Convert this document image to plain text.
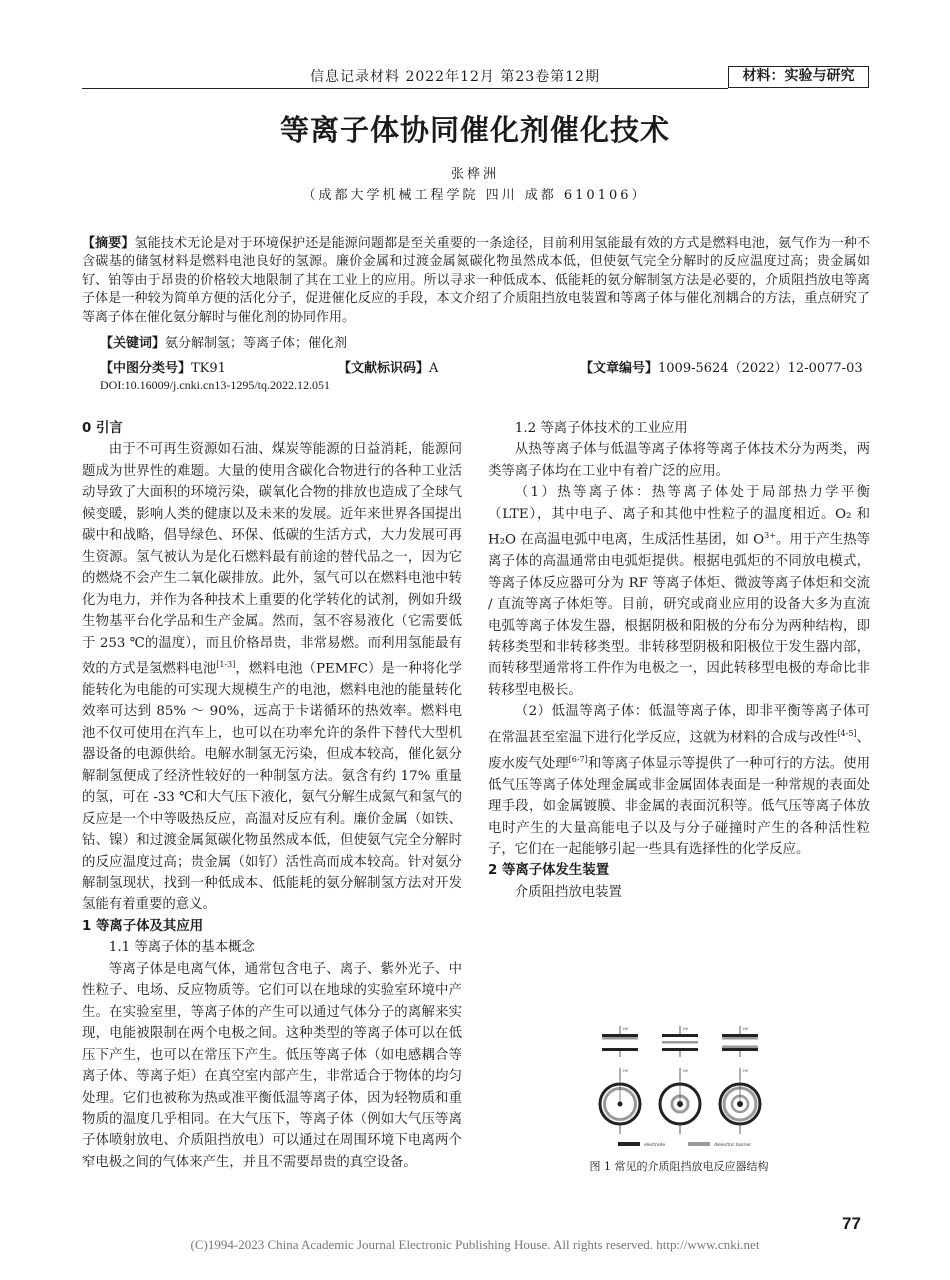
信息记录材料 2022年12月 第23卷第12期	材料：实验与研究
等离子体协同催化剂催化技术
张桦洲
（成都大学机械工程学院 四川 成都 610106）
【摘要】氢能技术无论是对于环境保护还是能源问题都是至关重要的一条途径，目前利用氢能最有效的方式是燃料电池，氨气作为一种不含碳基的储氢材料是燃料电池良好的氢源。廉价金属和过渡金属氮碳化物虽然成本低，但使氨气完全分解时的反应温度过高；贵金属如钌、铂等由于昂贵的价格较大地限制了其在工业上的应用。所以寻求一种低成本、低能耗的氨分解制氢方法是必要的，介质阻挡放电等离子体是一种较为简单方便的活化分子，促进催化反应的手段，本文介绍了介质阻挡放电装置和等离子体与催化剂耦合的方法，重点研究了等离子体在催化氨分解时与催化剂的协同作用。
【关键词】氨分解制氢；等离子体；催化剂
【中图分类号】TK91	【文献标识码】A	【文章编号】1009-5624（2022）12-0077-03
DOI:10.16009/j.cnki.cn13-1295/tq.2022.12.051
0 引言

由于不可再生资源如石油、煤炭等能源的日益消耗，能源问题成为世界性的难题。大量的使用含碳化合物进行的各种工业活动导致了大面积的环境污染，碳氧化合物的排放也造成了全球气候变暖，影响人类的健康以及未来的发展。近年来世界各国提出碳中和战略，倡导绿色、环保、低碳的生活方式，大力发展可再生资源。氢气被认为是化石燃料最有前途的替代品之一，因为它的燃烧不会产生二氧化碳排放。此外，氢气可以在燃料电池中转化为电力，并作为各种技术上重要的化学转化的试剂，例如升级生物基平台化学品和生产金属。然而，氢不容易液化（它需要低于 253 ℃的温度），而且价格昂贵，非常易燃。而利用氢能最有效的方式是氢燃料电池[1-3]，燃料电池（PEMFC）是一种将化学能转化为电能的可实现大规模生产的电池，燃料电池的能量转化效率可达到 85% ～ 90%，远高于卡诺循环的热效率。燃料电池不仅可使用在汽车上，也可以在功率允许的条件下替代大型机器设备的电源供给。电解水制氢无污染，但成本较高，催化氨分解制氢便成了经济性较好的一种制氢方法。氨含有约 17% 重量的氢，可在 -33 ℃和大气压下液化，氨气分解生成氮气和氢气的反应是一个中等吸热反应，高温对反应有利。廉价金属（如铁、钴、镍）和过渡金属氮碳化物虽然成本低，但使氨气完全分解时的反应温度过高；贵金属（如钌）活性高而成本较高。针对氨分解制氢现状，找到一种低成本、低能耗的氨分解制氢方法对开发氢能有着重要的意义。

1 等离子体及其应用
1.1 等离子体的基本概念

等离子体是电离气体，通常包含电子、离子、紫外光子、中性粒子、电场、反应物质等。它们可以在地球的实验室环境中产生。在实验室里，等离子体的产生可以通过气体分子的离解来实现，电能被限制在两个电极之间。这种类型的等离子体可以在低压下产生，也可以在常压下产生。低压等离子体（如电感耦合等离子体、等离子炬）在真空室内部产生，非常适合于物体的均匀处理。它们也被称为热或准平衡低温等离子体，因为轻物质和重物质的温度几乎相同。在大气压下，等离子体（例如大气压等离子体喷射放电、介质阻挡放电）可以通过在周围环境下电离两个窄电极之间的气体来产生，并且不需要昂贵的真空设备。

1.2 等离子体技术的工业应用

从热等离子体与低温等离子体将等离子体技术分为两类，两类等离子体均在工业中有着广泛的应用。

（1）热等离子体：热等离子体处于局部热力学平衡（LTE），其中电子、离子和其他中性粒子的温度相近。O₂ 和 H₂O 在高温电弧中电离，生成活性基团，如 $O^{3+}$。用于产生热等离子体的高温通常由电弧炬提供。根据电弧炬的不同放电模式，等离子体反应器可分为 RF 等离子体炬、微波等离子体炬和交流 / 直流等离子体炬等。目前，研究或商业应用的设备大多为直流电弧等离子体发生器，根据阴极和阳极的分布分为两种结构，即转移类型和非转移类型。非转移型阴极和阳极位于发生器内部，而转移型通常将工件作为电极之一，因此转移型电极的寿命比非转移型电极长。

（2）低温等离子体：低温等离子体，即非平衡等离子体可在常温甚至室温下进行化学反应，这就为材料的合成与改性[4-5]、废水废气处理[6-7]和等离子体显示等提供了一种可行的方法。使用低气压等离子体处理金属或非金属固体表面是一种常规的表面处理手段，如金属镀膜、非金属的表面沉积等。低气压等离子体放电时产生的大量高能电子以及与分子碰撞时产生的各种活性粒子，它们在一起能够引起一些具有选择性的化学反应。

2 等离子体发生装置
介质阻挡放电装置
HV	HV	HV
HV	HV	HV
electrode	dielectric barrier
图 1 常见的介质阻挡放电反应器结构
77
(C)1994-2023 China Academic Journal Electronic Publishing House. All rights reserved. http://www.cnki.net
